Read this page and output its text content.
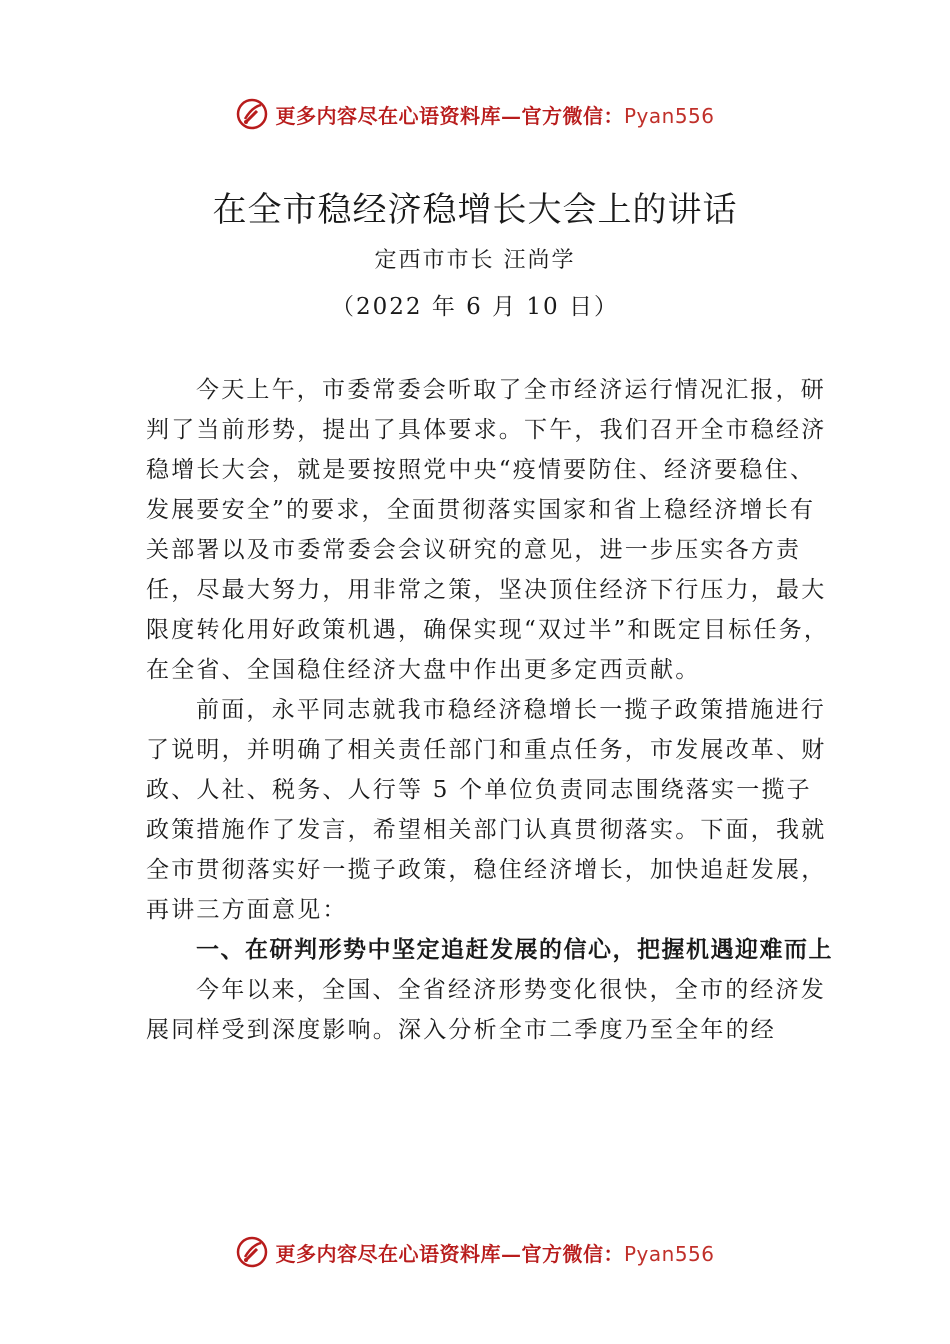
更多内容尽在心语资料库—官方微信：Pyan556
在全市稳经济稳增长大会上的讲话
定西市市长 汪尚学
（2022 年 6 月 10 日）

今天上午，市委常委会听取了全市经济运行情况汇报，研判了当前形势，提出了具体要求。下午，我们召开全市稳经济稳增长大会，就是要按照党中央“疫情要防住、经济要稳住、发展要安全”的要求，全面贯彻落实国家和省上稳经济增长有关部署以及市委常委会会议研究的意见，进一步压实各方责任，尽最大努力，用非常之策，坚决顶住经济下行压力，最大限度转化用好政策机遇，确保实现“双过半”和既定目标任务，在全省、全国稳住经济大盘中作出更多定西贡献。

前面，永平同志就我市稳经济稳增长一揽子政策措施进行了说明，并明确了相关责任部门和重点任务，市发展改革、财政、人社、税务、人行等 5 个单位负责同志围绕落实一揽子政策措施作了发言，希望相关部门认真贯彻落实。下面，我就全市贯彻落实好一揽子政策，稳住经济增长，加快追赶发展，再讲三方面意见：

一、在研判形势中坚定追赶发展的信心，把握机遇迎难而上

今年以来，全国、全省经济形势变化很快，全市的经济发展同样受到深度影响。深入分析全市二季度乃至全年的经

更多内容尽在心语资料库—官方微信：Pyan556
